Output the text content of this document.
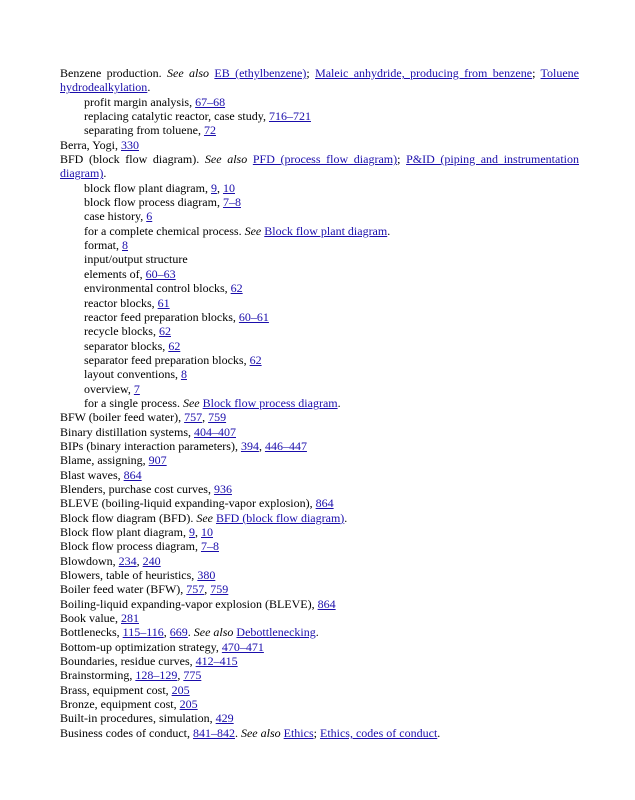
Benzene production. See also EB (ethylbenzene); Maleic anhydride, producing from benzene; Toluene hydrodealkylation.

profit margin analysis, 67–68

replacing catalytic reactor, case study, 716–721

separating from toluene, 72

Berra, Yogi, 330

BFD (block flow diagram). See also PFD (process flow diagram); P&ID (piping and instrumentation diagram).

block flow plant diagram, 9, 10

block flow process diagram, 7–8

case history, 6

for a complete chemical process. See Block flow plant diagram.

format, 8

input/output structure

elements of, 60–63

environmental control blocks, 62

reactor blocks, 61

reactor feed preparation blocks, 60–61

recycle blocks, 62

separator blocks, 62

separator feed preparation blocks, 62

layout conventions, 8

overview, 7

for a single process. See Block flow process diagram.

BFW (boiler feed water), 757, 759

Binary distillation systems, 404–407

BIPs (binary interaction parameters), 394, 446–447

Blame, assigning, 907

Blast waves, 864

Blenders, purchase cost curves, 936

BLEVE (boiling-liquid expanding-vapor explosion), 864

Block flow diagram (BFD). See BFD (block flow diagram).

Block flow plant diagram, 9, 10

Block flow process diagram, 7–8

Blowdown, 234, 240

Blowers, table of heuristics, 380

Boiler feed water (BFW), 757, 759

Boiling-liquid expanding-vapor explosion (BLEVE), 864

Book value, 281

Bottlenecks, 115–116, 669. See also Debottlenecking.

Bottom-up optimization strategy, 470–471

Boundaries, residue curves, 412–415

Brainstorming, 128–129, 775

Brass, equipment cost, 205

Bronze, equipment cost, 205

Built-in procedures, simulation, 429

Business codes of conduct, 841–842. See also Ethics; Ethics, codes of conduct.
